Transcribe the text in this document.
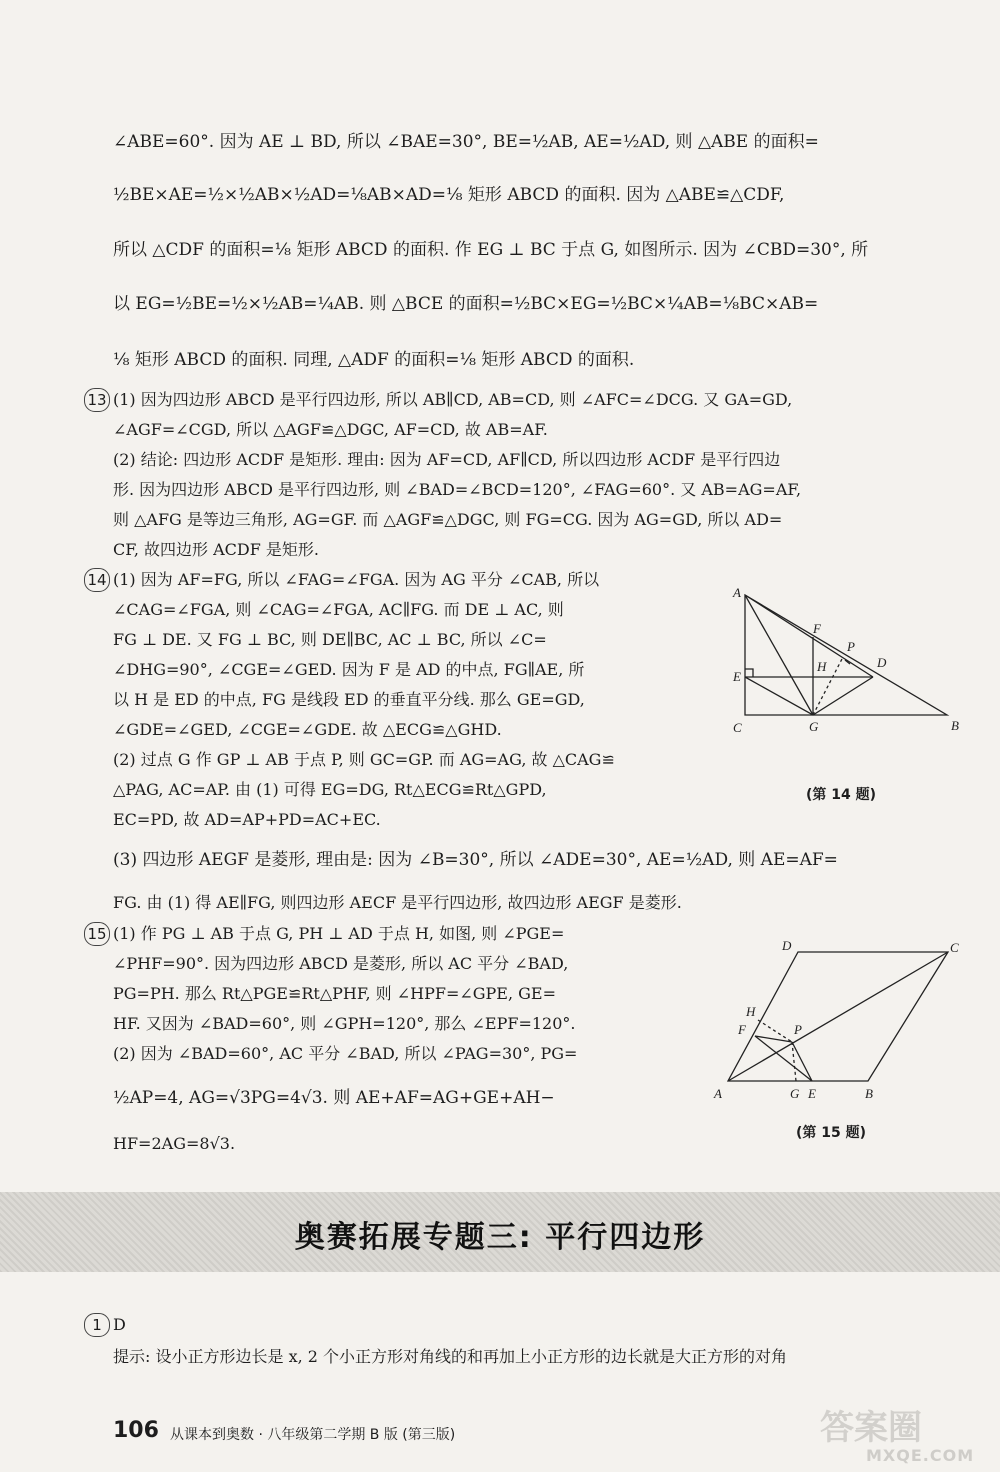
∠ABE=60°. 因为 AE ⊥ BD, 所以 ∠BAE=30°, BE=½AB, AE=½AD, 则 △ABE 的面积=
½BE×AE=½×½AB×½AD=⅛AB×AD=⅛ 矩形 ABCD 的面积. 因为 △ABE≌△CDF,
所以 △CDF 的面积=⅛ 矩形 ABCD 的面积. 作 EG ⊥ BC 于点 G, 如图所示. 因为 ∠CBD=30°, 所
以 EG=½BE=½×½AB=¼AB. 则 △BCE 的面积=½BC×EG=½BC×¼AB=⅛BC×AB=
⅛ 矩形 ABCD 的面积. 同理, △ADF 的面积=⅛ 矩形 ABCD 的面积.
13 (1) 因为四边形 ABCD 是平行四边形, 所以 AB∥CD, AB=CD, 则 ∠AFC=∠DCG. 又 GA=GD,
∠AGF=∠CGD, 所以 △AGF≌△DGC, AF=CD, 故 AB=AF.
(2) 结论: 四边形 ACDF 是矩形. 理由: 因为 AF=CD, AF∥CD, 所以四边形 ACDF 是平行四边
形. 因为四边形 ABCD 是平行四边形, 则 ∠BAD=∠BCD=120°, ∠FAG=60°. 又 AB=AG=AF,
则 △AFG 是等边三角形, AG=GF. 而 △AGF≌△DGC, 则 FG=CG. 因为 AG=GD, 所以 AD=
CF, 故四边形 ACDF 是矩形.
14 (1) 因为 AF=FG, 所以 ∠FAG=∠FGA. 因为 AG 平分 ∠CAB, 所以
∠CAG=∠FGA, 则 ∠CAG=∠FGA, AC∥FG. 而 DE ⊥ AC, 则
FG ⊥ DE. 又 FG ⊥ BC, 则 DE∥BC, AC ⊥ BC, 所以 ∠C=
∠DHG=90°, ∠CGE=∠GED. 因为 F 是 AD 的中点, FG∥AE, 所
以 H 是 ED 的中点, FG 是线段 ED 的垂直平分线. 那么 GE=GD,
∠GDE=∠GED, ∠CGE=∠GDE. 故 △ECG≌△GHD.
(2) 过点 G 作 GP ⊥ AB 于点 P, 则 GC=GP. 而 AG=AG, 故 △CAG≌
△PAG, AC=AP. 由 (1) 可得 EG=DG, Rt△ECG≌Rt△GPD,
EC=PD, 故 AD=AP+PD=AC+EC.
(3) 四边形 AEGF 是菱形, 理由是: 因为 ∠B=30°, 所以 ∠ADE=30°, AE=½AD, 则 AE=AF=
FG. 由 (1) 得 AE∥FG, 则四边形 AECF 是平行四边形, 故四边形 AEGF 是菱形.
A
B
C
D
E
F
G
H
P
(第 14 题)
15 (1) 作 PG ⊥ AB 于点 G, PH ⊥ AD 于点 H, 如图, 则 ∠PGE=
∠PHF=90°. 因为四边形 ABCD 是菱形, 所以 AC 平分 ∠BAD,
PG=PH. 那么 Rt△PGE≌Rt△PHF, 则 ∠HPF=∠GPE, GE=
HF. 又因为 ∠BAD=60°, 则 ∠GPH=120°, 那么 ∠EPF=120°.
(2) 因为 ∠BAD=60°, AC 平分 ∠BAD, 所以 ∠PAG=30°, PG=
½AP=4, AG=√3PG=4√3. 则 AE+AF=AG+GE+AH−
HF=2AG=8√3.
A	B
C
D
E
F
G
H
P
(第 15 题)
奥赛拓展专题三: 平行四边形
1 D
提示: 设小正方形边长是 x, 2 个小正方形对角线的和再加上小正方形的边长就是大正方形的对角
106 从课本到奥数 · 八年级第二学期 B 版 (第三版)	答案圈
MXQE.COM
